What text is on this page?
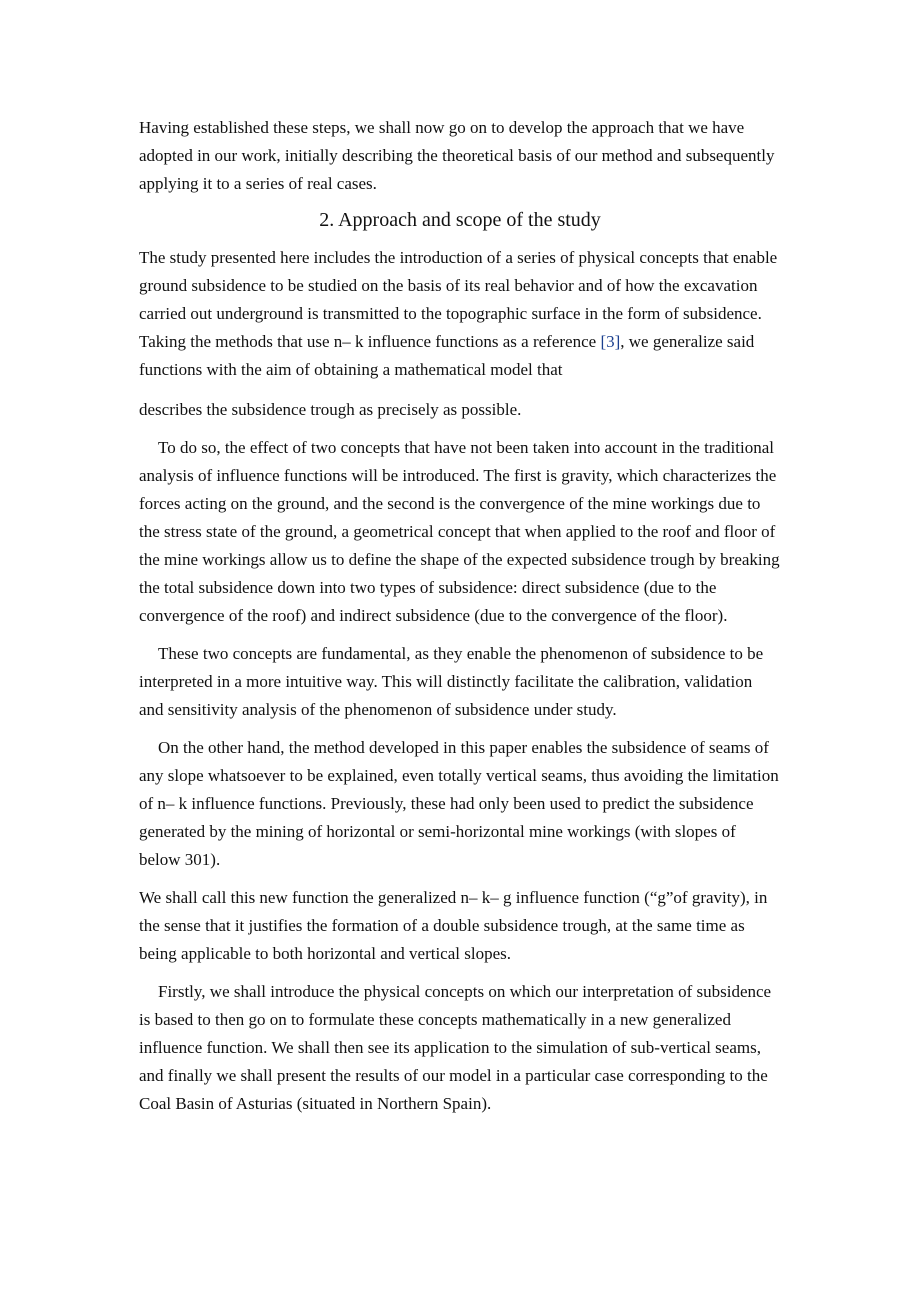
Having established these steps, we shall now go on to develop the approach that we have adopted in our work, initially describing the theoretical basis of our method and subsequently applying it to a series of real cases.

2. Approach and scope of the study

The study presented here includes the introduction of a series of physical concepts that enable ground subsidence to be studied on the basis of its real behavior and of how the excavation carried out underground is transmitted to the topographic surface in the form of subsidence. Taking the methods that use n– k influence functions as a reference [3], we generalize said functions with the aim of obtaining a mathematical model that

describes the subsidence trough as precisely as possible.

To do so, the effect of two concepts that have not been taken into account in the traditional analysis of influence functions will be introduced. The first is gravity, which characterizes the forces acting on the ground, and the second is the convergence of the mine workings due to the stress state of the ground, a geometrical concept that when applied to the roof and floor of the mine workings allow us to define the shape of the expected subsidence trough by breaking the total subsidence down into two types of subsidence: direct subsidence (due to the convergence of the roof) and indirect subsidence (due to the convergence of the floor).

These two concepts are fundamental, as they enable the phenomenon of subsidence to be interpreted in a more intuitive way. This will distinctly facilitate the calibration, validation and sensitivity analysis of the phenomenon of subsidence under study.

On the other hand, the method developed in this paper enables the subsidence of seams of any slope whatsoever to be explained, even totally vertical seams, thus avoiding the limitation of n– k influence functions. Previously, these had only been used to predict the subsidence generated by the mining of horizontal or semi-horizontal mine workings (with slopes of below 301).

We shall call this new function the generalized n– k– g influence function (“g”of gravity), in the sense that it justifies the formation of a double subsidence trough, at the same time as being applicable to both horizontal and vertical slopes.

Firstly, we shall introduce the physical concepts on which our interpretation of subsidence is based to then go on to formulate these concepts mathematically in a new generalized influence function. We shall then see its application to the simulation of sub-vertical seams, and finally we shall present the results of our model in a particular case corresponding to the Coal Basin of Asturias (situated in Northern Spain).
